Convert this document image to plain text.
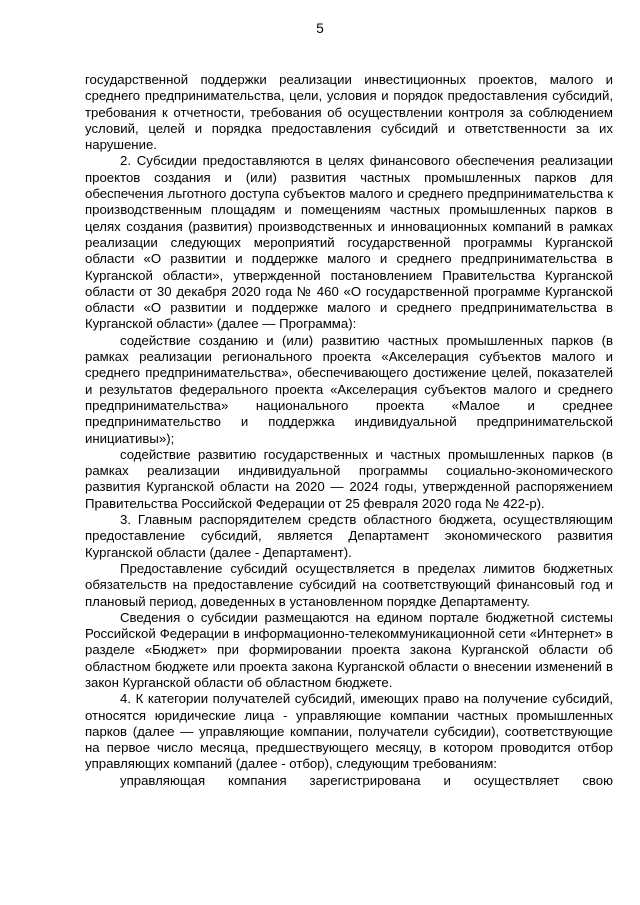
5

государственной поддержки реализации инвестиционных проектов, малого и среднего предпринимательства, цели, условия и порядок предоставления субсидий, требования к отчетности, требования об осуществлении контроля за соблюдением условий, целей и порядка предоставления субсидий и ответственности за их нарушение.

2. Субсидии предоставляются в целях финансового обеспечения реализации проектов создания и (или) развития частных промышленных парков для обеспечения льготного доступа субъектов малого и среднего предпринимательства к производственным площадям и помещениям частных промышленных парков в целях создания (развития) производственных и инновационных компаний в рамках реализации следующих мероприятий государственной программы Курганской области «О развитии и поддержке малого и среднего предпринимательства в Курганской области», утвержденной постановлением Правительства Курганской области от 30 декабря 2020 года № 460 «О государственной программе Курганской области «О развитии и поддержке малого и среднего предпринимательства в Курганской области» (далее — Программа):

содействие созданию и (или) развитию частных промышленных парков (в рамках реализации регионального проекта «Акселерация субъектов малого и среднего предпринимательства», обеспечивающего достижение целей, показателей и результатов федерального проекта «Акселерация субъектов малого и среднего предпринимательства» национального проекта «Малое и среднее предпринимательство и поддержка индивидуальной предпринимательской инициативы»);

содействие развитию государственных и частных промышленных парков (в рамках реализации индивидуальной программы социально-экономического развития Курганской области на 2020 — 2024 годы, утвержденной распоряжением Правительства Российской Федерации от 25 февраля 2020 года № 422-р).

3. Главным распорядителем средств областного бюджета, осуществляющим предоставление субсидий, является Департамент экономического развития Курганской области (далее - Департамент).

Предоставление субсидий осуществляется в пределах лимитов бюджетных обязательств на предоставление субсидий на соответствующий финансовый год и плановый период, доведенных в установленном порядке Департаменту.

Сведения о субсидии размещаются на едином портале бюджетной системы Российской Федерации в информационно-телекоммуникационной сети «Интернет» в разделе «Бюджет» при формировании проекта закона Курганской области об областном бюджете или проекта закона Курганской области о внесении изменений в закон Курганской области об областном бюджете.

4. К категории получателей субсидий, имеющих право на получение субсидий, относятся юридические лица - управляющие компании частных промышленных парков (далее — управляющие компании, получатели субсидии), соответствующие на первое число месяца, предшествующего месяцу, в котором проводится отбор управляющих компаний (далее - отбор), следующим требованиям:

управляющая компания зарегистрирована и осуществляет свою
